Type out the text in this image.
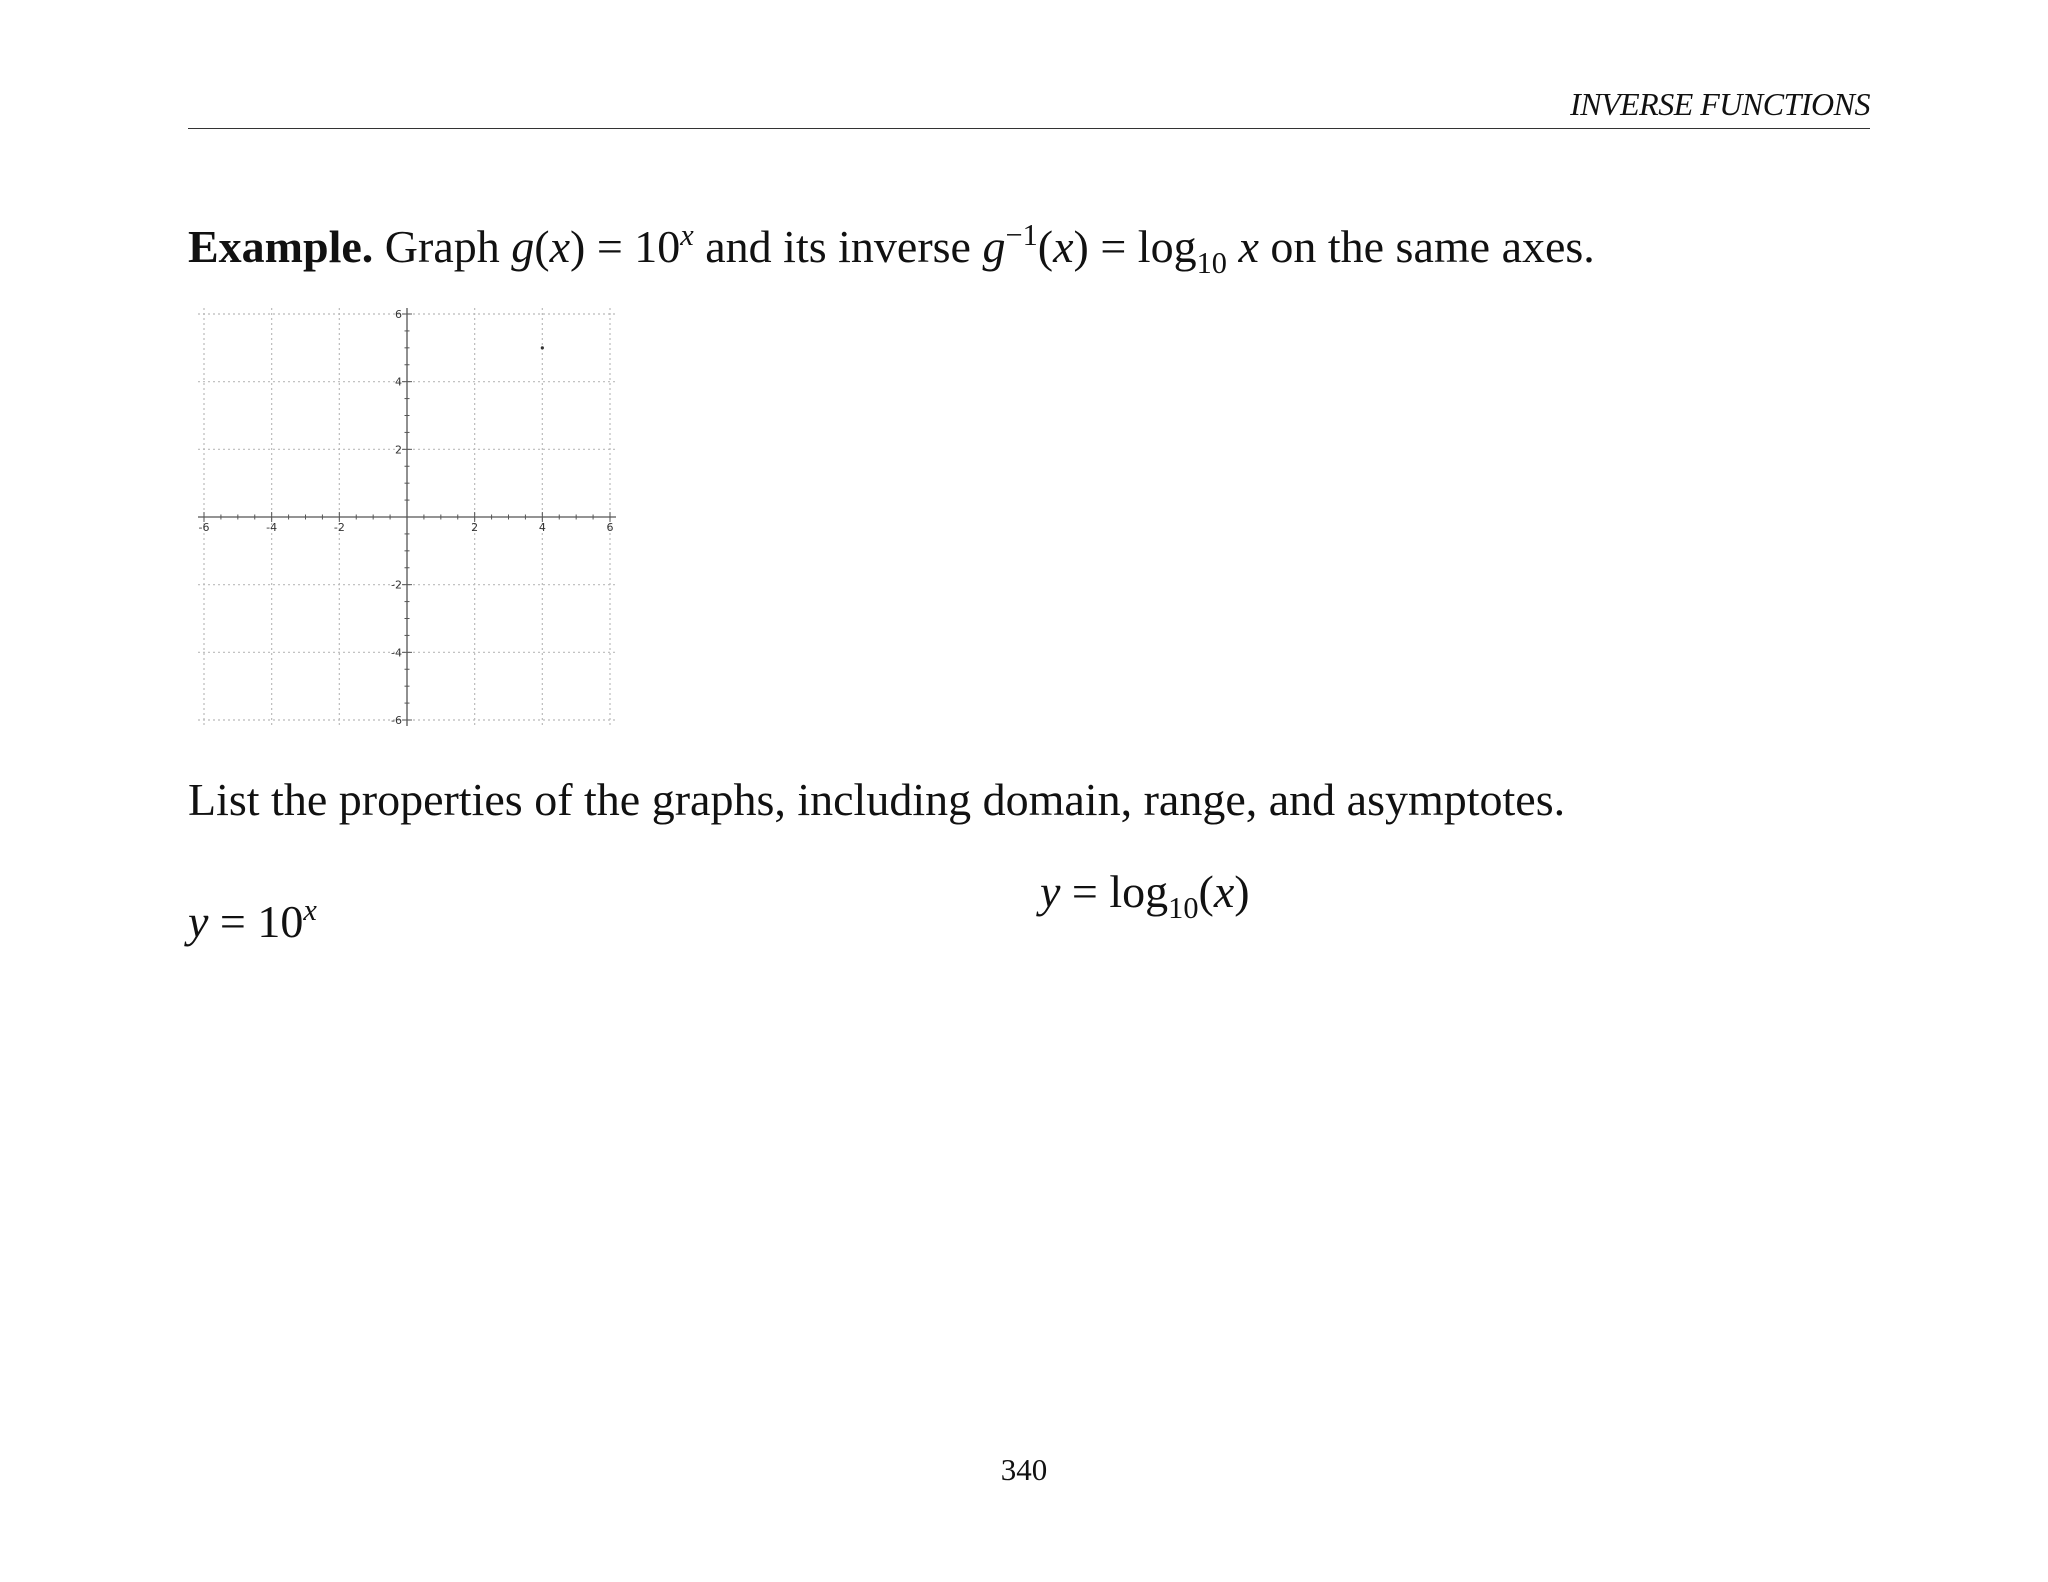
INVERSE FUNCTIONS
Example. Graph $g(x) = 10^x$ and its inverse $g^{-1}(x) = \log_{10} x$ on the same axes.
-6	-4	-2	2	4	6
6
4
2
-2
-4
-6
List the properties of the graphs, including domain, range, and asymptotes.
$y = 10^x$	$y = \log_{10}(x)$
340
